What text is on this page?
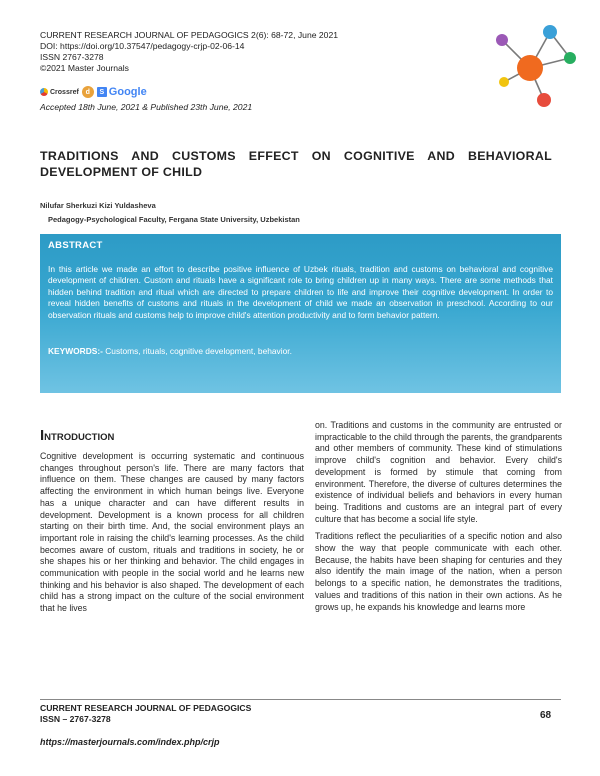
CURRENT RESEARCH JOURNAL OF PEDAGOGICS 2(6): 68-72, June 2021
DOI: https://doi.org/10.37547/pedagogy-crjp-02-06-14
ISSN 2767-3278
©2021 Master Journals
Crossref d	S Google
Accepted 18th June, 2021 & Published 23th June, 2021
TRADITIONS AND CUSTOMS EFFECT ON COGNITIVE AND BEHAVIORAL DEVELOPMENT OF CHILD
Nilufar Sherkuzi Kizi Yuldasheva
Pedagogy-Psychological Faculty, Fergana State University, Uzbekistan
ABSTRACT
In this article we made an effort to describe positive influence of Uzbek rituals, tradition and customs on behavioral and cognitive development of children. Custom and rituals have a significant role to bring children up in many ways. There are some methods that hidden behind tradition and ritual which are directed to prepare children to life and improve their cognitive development. In order to reveal hidden benefits of customs and rituals in the development of child we made an observation in preschool. According to our observation rituals and customs help to improve child's attention productivity and to form behavior pattern.
KEYWORDS:- Customs, rituals, cognitive development, behavior.
INTRODUCTION

Cognitive development is occurring systematic and continuous changes throughout person's life. There are many factors that influence on them. These changes are caused by many factors affecting the environment in which human beings live. Everyone has a unique character and can have different results in development. Development is a known process for all children starting on their birth time. And, the social environment plays an important role in raising the child's learning processes. As the child becomes aware of custom, rituals and traditions in society, he or she shapes his or her thinking and behavior. The child engages in communication with people in the social world and he learns new thinking and his behavior is also shaped. The development of each child has a strong impact on the culture of the social environment that he lives

on. Traditions and customs in the community are entrusted or impracticable to the child through the parents, the grandparents and other members of community. These kind of stimulations improve child's cognition and behavior. Every child's development is formed by stimule that coming from environment. Therefore, the diverse of cultures determines the existence of individual beliefs and behaviors in every human being. Traditions and customs are an integral part of every culture that has become a social life style.

Traditions reflect the peculiarities of a specific notion and also show the way that people communicate with each other. Because, the habits have been shaping for centuries and they also identify the main image of the nation, when a person belongs to a specific nation, he demonstrates the traditions, values and traditions of this nation in their own actions. As he grows up, he expands his knowledge and learns more

CURRENT RESEARCH JOURNAL OF PEDAGOGICS
ISSN – 2767-3278	68
https://masterjournals.com/index.php/crjp
